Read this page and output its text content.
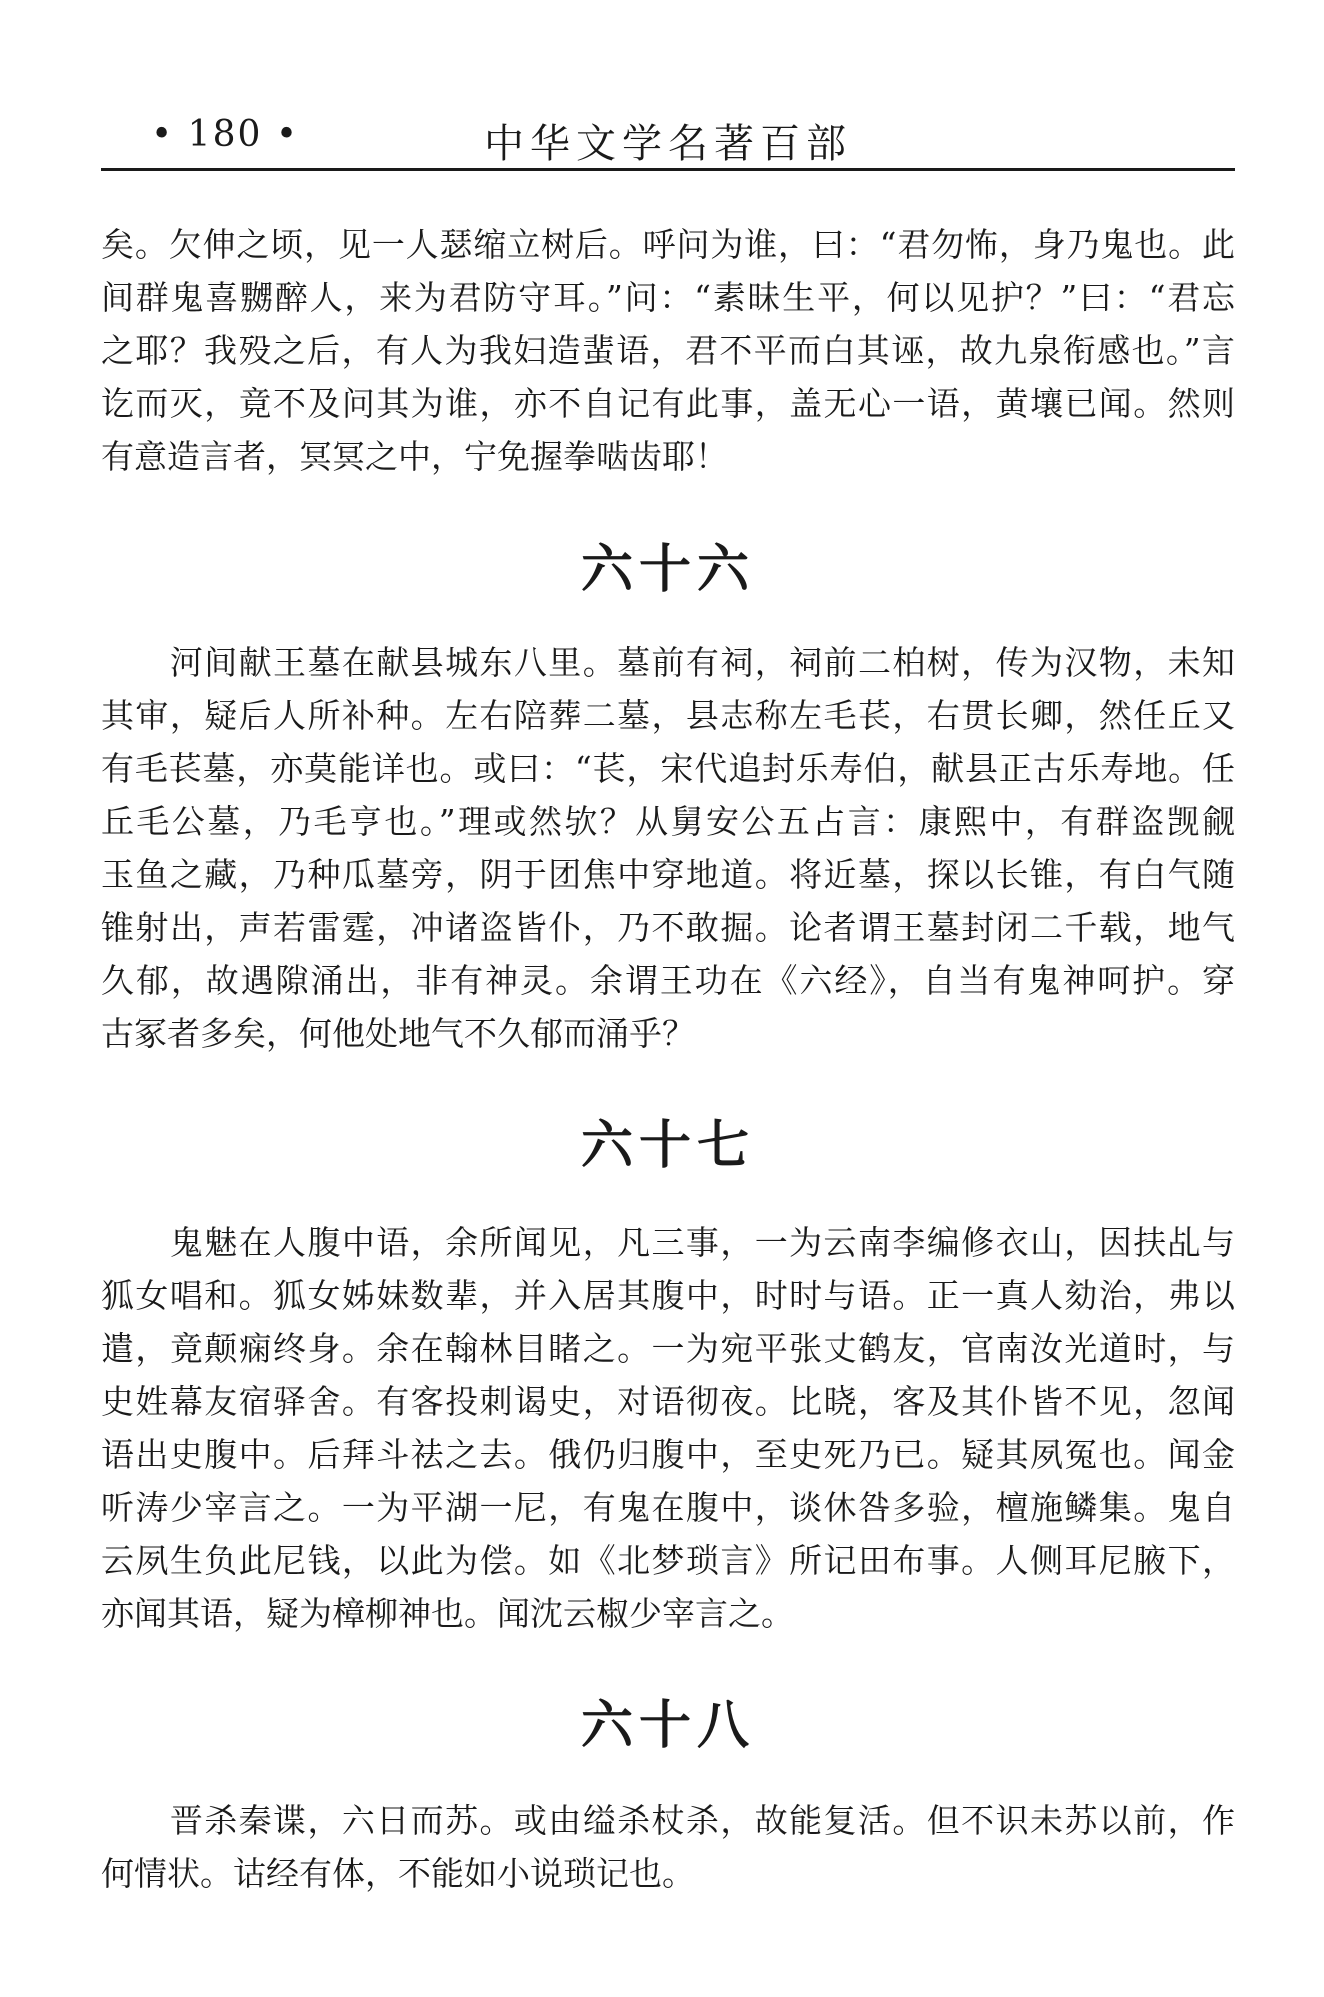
• 180 •	中华文学名著百部

矣。欠伸之顷，见一人瑟缩立树后。呼问为谁，曰：“君勿怖，身乃鬼也。此
间群鬼喜嬲醉人，来为君防守耳。”问：“素昧生平，何以见护？”曰：“君忘
之耶？我殁之后，有人为我妇造蜚语，君不平而白其诬，故九泉衔感也。”言
讫而灭，竟不及问其为谁，亦不自记有此事，盖无心一语，黄壤已闻。然则
有意造言者，冥冥之中，宁免握拳啮齿耶！

六十六

　　河间献王墓在献县城东八里。墓前有祠，祠前二柏树，传为汉物，未知
其审，疑后人所补种。左右陪葬二墓，县志称左毛苌，右贯长卿，然任丘又
有毛苌墓，亦莫能详也。或曰：“苌，宋代追封乐寿伯，献县正古乐寿地。任
丘毛公墓，乃毛亨也。”理或然欤？从舅安公五占言：康熙中，有群盗觊觎
玉鱼之藏，乃种瓜墓旁，阴于团焦中穿地道。将近墓，探以长锥，有白气随
锥射出，声若雷霆，冲诸盗皆仆，乃不敢掘。论者谓王墓封闭二千载，地气
久郁，故遇隙涌出，非有神灵。余谓王功在《六经》，自当有鬼神呵护。穿
古冢者多矣，何他处地气不久郁而涌乎？

六十七

　　鬼魅在人腹中语，余所闻见，凡三事，一为云南李编修衣山，因扶乩与
狐女唱和。狐女姊妹数辈，并入居其腹中，时时与语。正一真人劾治，弗以
遣，竟颠痫终身。余在翰林目睹之。一为宛平张丈鹤友，官南汝光道时，与
史姓幕友宿驿舍。有客投刺谒史，对语彻夜。比晓，客及其仆皆不见，忽闻
语出史腹中。后拜斗祛之去。俄仍归腹中，至史死乃已。疑其夙冤也。闻金
听涛少宰言之。一为平湖一尼，有鬼在腹中，谈休咎多验，檀施鳞集。鬼自
云夙生负此尼钱，以此为偿。如《北梦琐言》所记田布事。人侧耳尼腋下，
亦闻其语，疑为樟柳神也。闻沈云椒少宰言之。

六十八

　　晋杀秦谍，六日而苏。或由缢杀杖杀，故能复活。但不识未苏以前，作
何情状。诂经有体，不能如小说琐记也。
